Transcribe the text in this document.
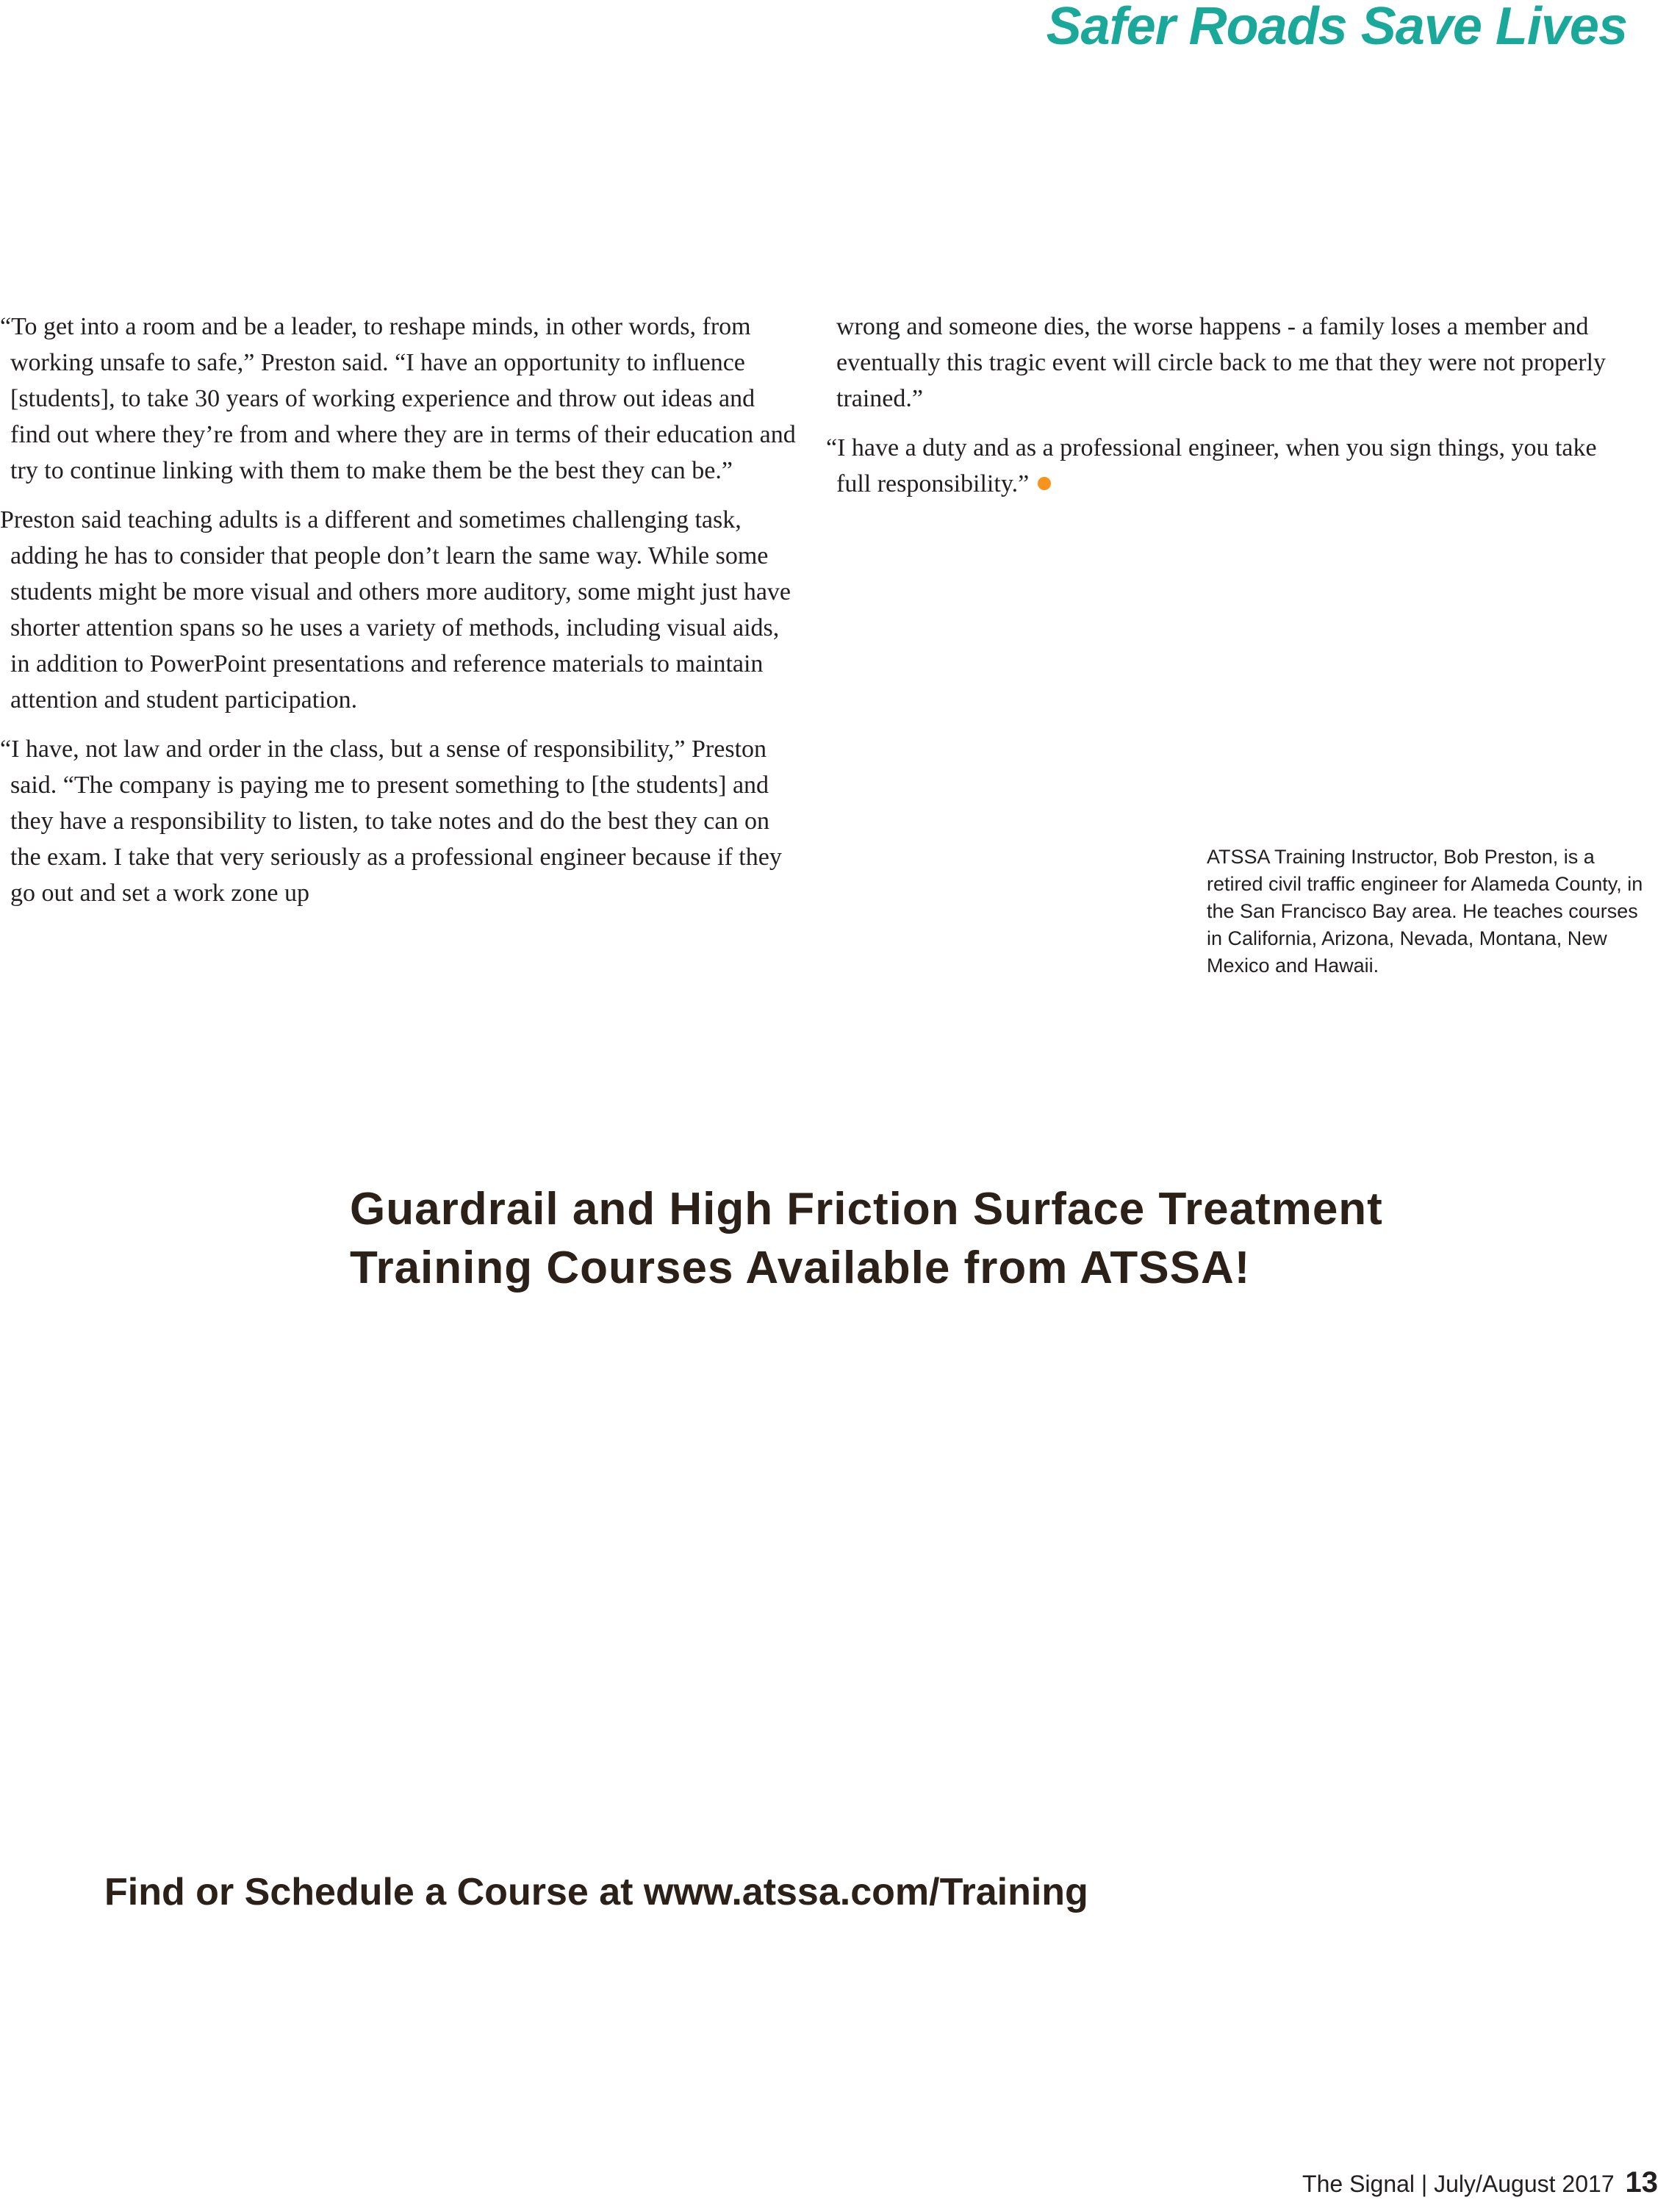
Safer Roads Save Lives

“To get into a room and be a leader, to reshape minds, in other words, from working unsafe to safe,” Preston said. “I have an opportunity to influence [students], to take 30 years of working experience and throw out ideas and find out where they’re from and where they are in terms of their education and try to continue linking with them to make them be the best they can be.”

Preston said teaching adults is a different and sometimes challenging task, adding he has to consider that people don’t learn the same way. While some students might be more visual and others more auditory, some might just have shorter attention spans so he uses a variety of methods, including visual aids, in addition to PowerPoint presentations and reference materials to maintain attention and student participation.

“I have, not law and order in the class, but a sense of responsibility,” Preston said. “The company is paying me to present something to [the students] and they have a responsibility to listen, to take notes and do the best they can on the exam. I take that very seriously as a professional engineer because if they go out and set a work zone up

wrong and someone dies, the worse happens - a family loses a member and eventually this tragic event will circle back to me that they were not properly trained.”

“I have a duty and as a professional engineer, when you sign things, you take full responsibility.”

ATSSA Training Instructor, Bob Preston, is a retired civil traffic engineer for Alameda County, in the San Francisco Bay area. He teaches courses in California, Arizona, Nevada, Montana, New Mexico and Hawaii.

Guardrail and High Friction Surface Treatment
Training Courses Available from ATSSA!

Find or Schedule a Course at www.atssa.com/Training

The Signal | July/August 2017 13
